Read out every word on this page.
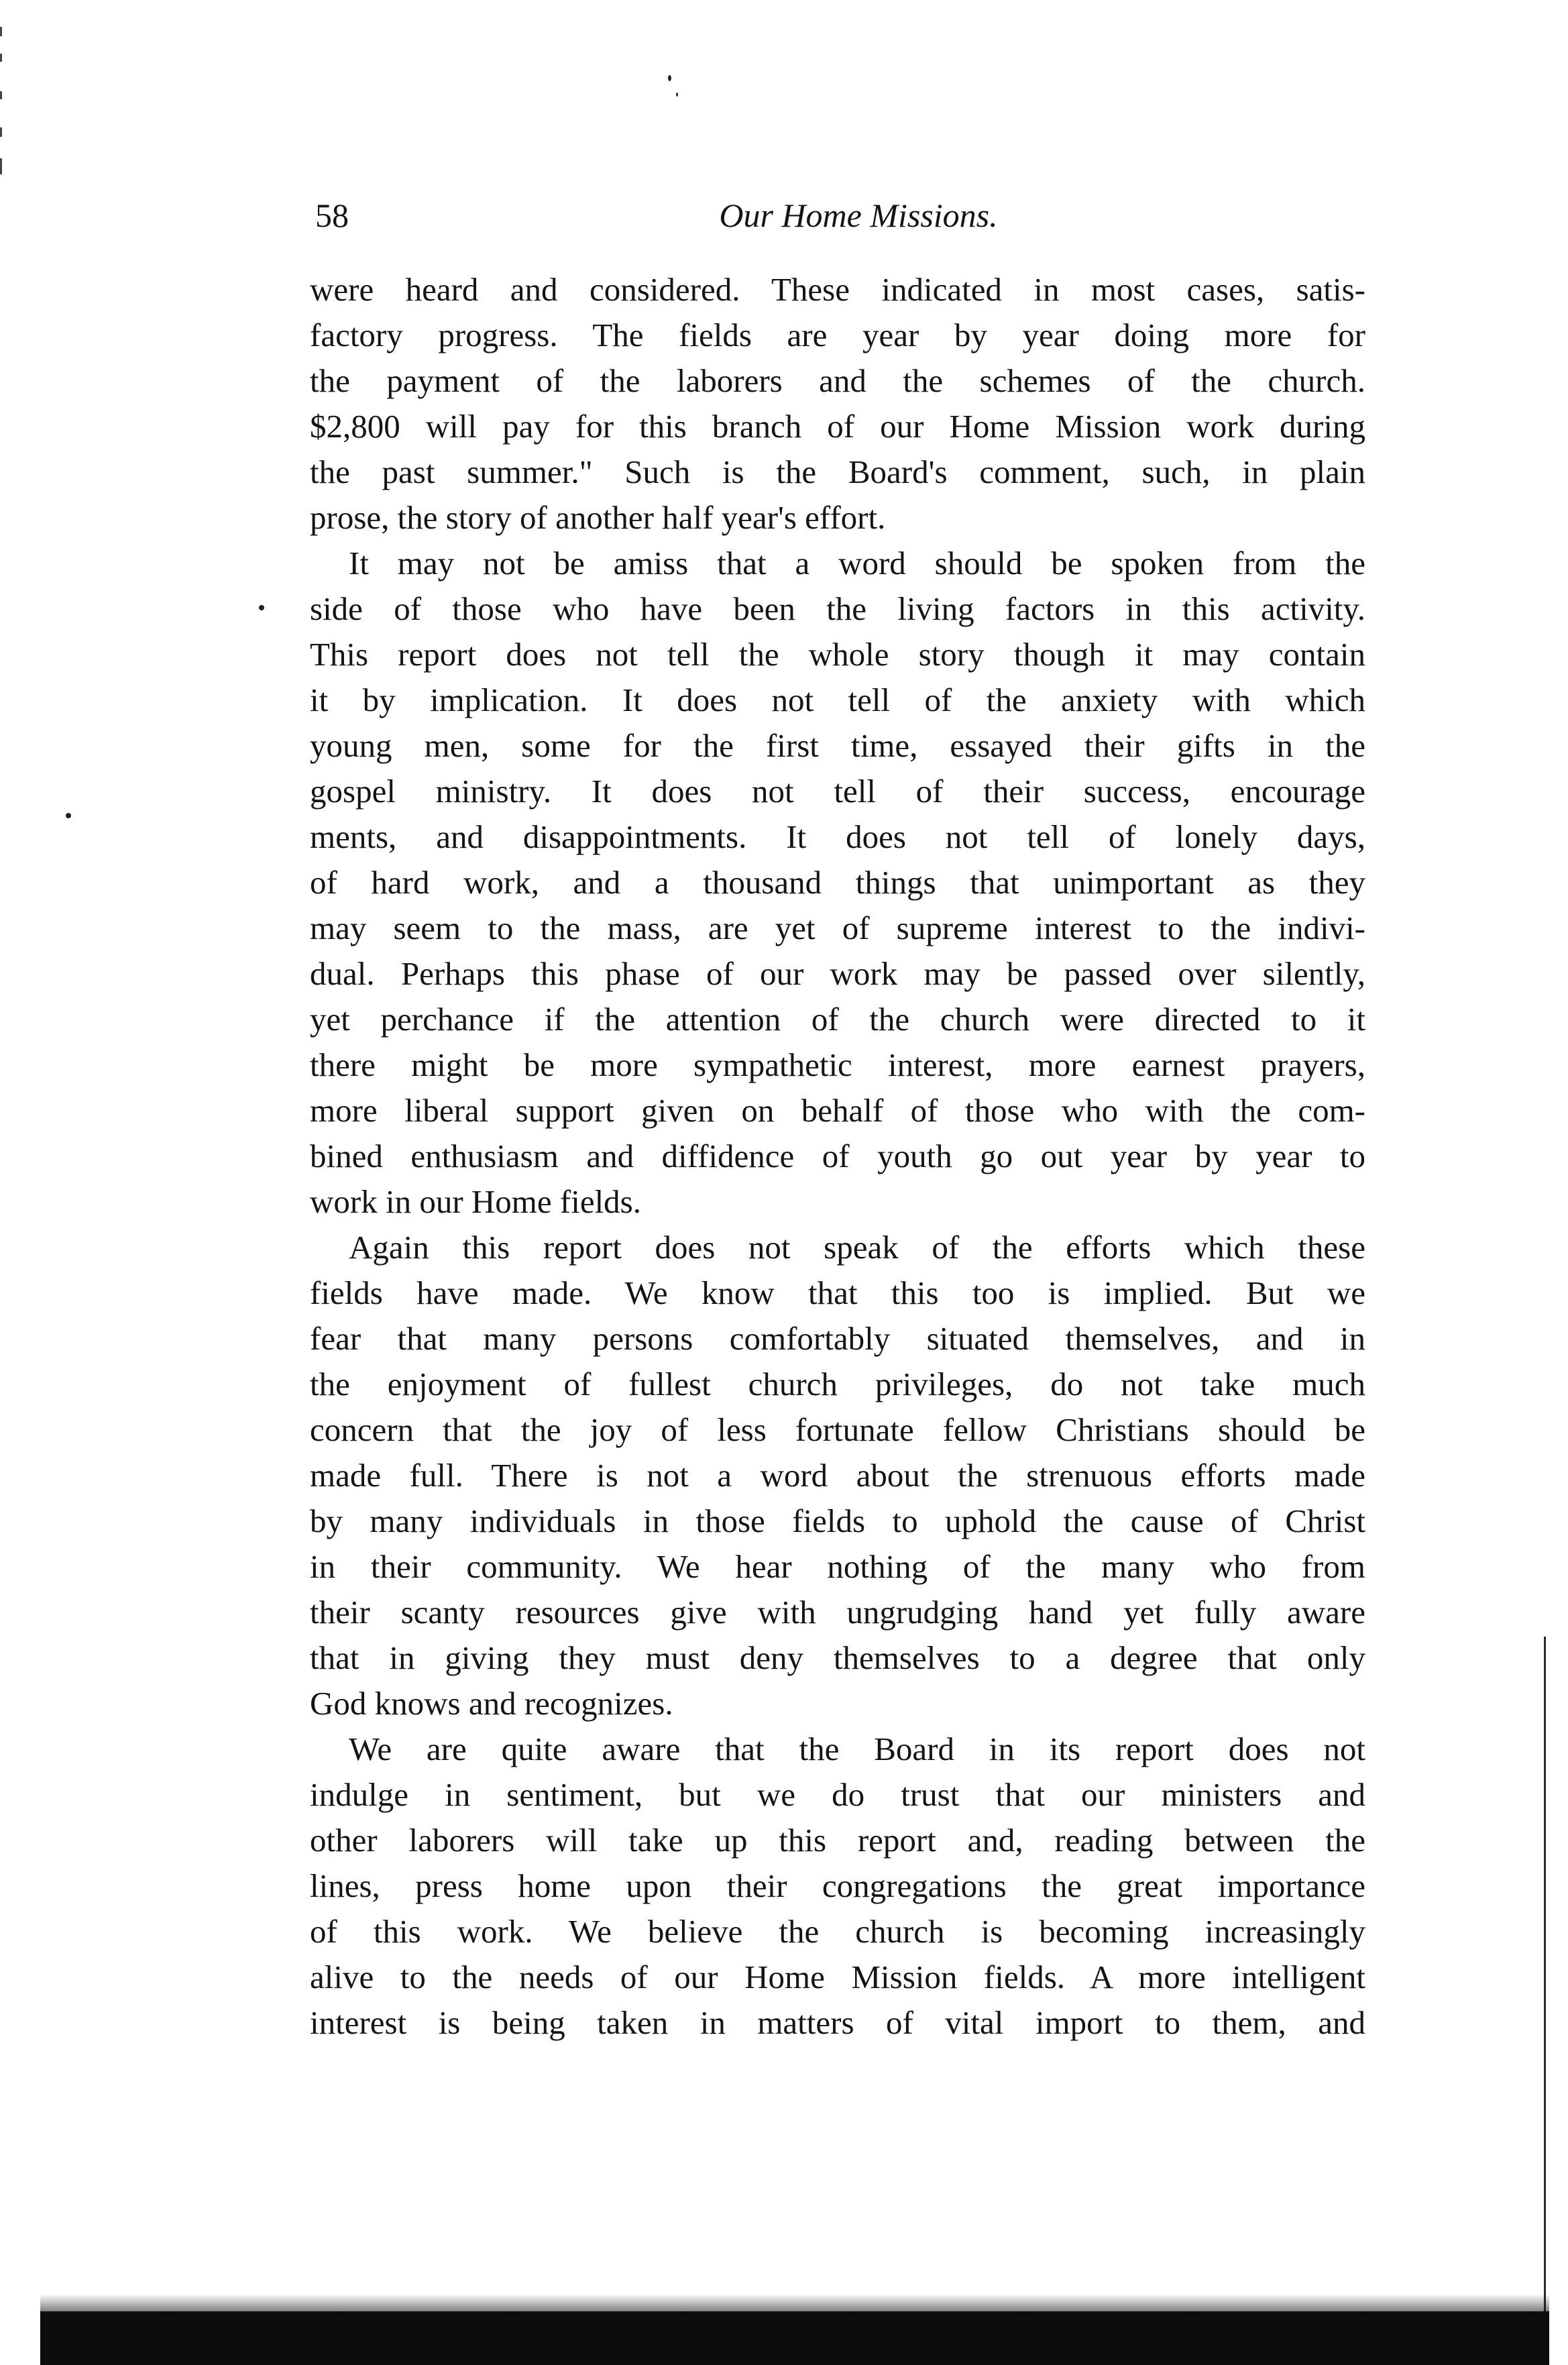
58	Our Home Missions.
were heard and considered. These indicated in most cases, satis-
factory progress. The fields are year by year doing more for
the payment of the laborers and the schemes of the church.
$2,800 will pay for this branch of our Home Mission work during
the past summer." Such is the Board's comment, such, in plain
prose, the story of another half year's effort.
It may not be amiss that a word should be spoken from the
side of those who have been the living factors in this activity.
This report does not tell the whole story though it may contain
it by implication. It does not tell of the anxiety with which
young men, some for the first time, essayed their gifts in the
gospel ministry. It does not tell of their success, encourage
ments, and disappointments. It does not tell of lonely days,
of hard work, and a thousand things that unimportant as they
may seem to the mass, are yet of supreme interest to the indivi-
dual. Perhaps this phase of our work may be passed over silently,
yet perchance if the attention of the church were directed to it
there might be more sympathetic interest, more earnest prayers,
more liberal support given on behalf of those who with the com-
bined enthusiasm and diffidence of youth go out year by year to
work in our Home fields.
Again this report does not speak of the efforts which these
fields have made. We know that this too is implied. But we
fear that many persons comfortably situated themselves, and in
the enjoyment of fullest church privileges, do not take much
concern that the joy of less fortunate fellow Christians should be
made full. There is not a word about the strenuous efforts made
by many individuals in those fields to uphold the cause of Christ
in their community. We hear nothing of the many who from
their scanty resources give with ungrudging hand yet fully aware
that in giving they must deny themselves to a degree that only
God knows and recognizes.
We are quite aware that the Board in its report does not
indulge in sentiment, but we do trust that our ministers and
other laborers will take up this report and, reading between the
lines, press home upon their congregations the great importance
of this work. We believe the church is becoming increasingly
alive to the needs of our Home Mission fields. A more intelligent
interest is being taken in matters of vital import to them, and
